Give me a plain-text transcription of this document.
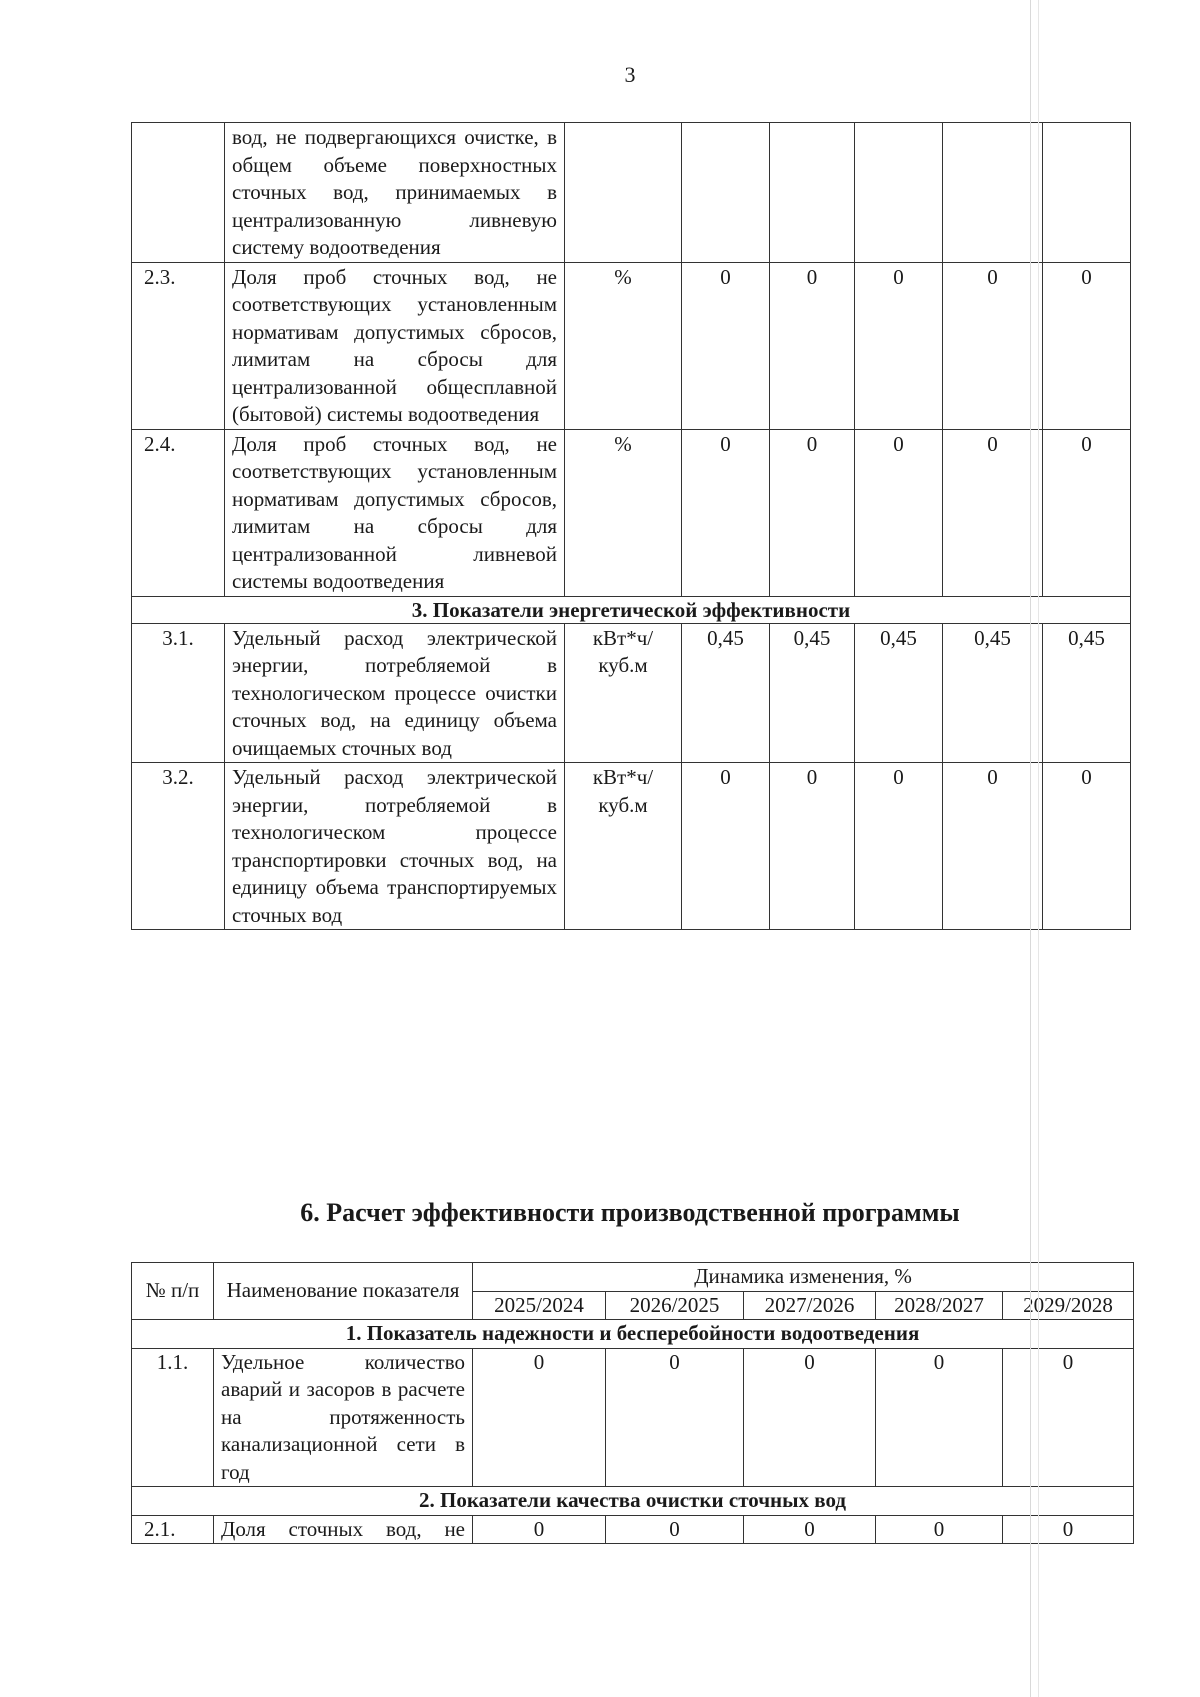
3
	вод, не подвергающихся очистке, в общем объеме поверхностных сточных вод, принимаемых в централизованную ливневую систему водоотведения						
2.3.	Доля проб сточных вод, не соответствующих установленным нормативам допустимых сбросов, лимитам на сбросы для централизованной общесплавной (бытовой) системы водоотведения	%	0	0	0	0	0
2.4.	Доля проб сточных вод, не соответствующих установленным нормативам допустимых сбросов, лимитам на сбросы для централизованной ливневой системы водоотведения	%	0	0	0	0	0
3. Показатели энергетической эффективности							
3.1.	Удельный расход электрической энергии, потребляемой в технологическом процессе очистки сточных вод, на единицу объема очищаемых сточных вод	кВт*ч/куб.м	0,45	0,45	0,45	0,45	0,45
3.2.	Удельный расход электрической энергии, потребляемой в технологическом процессе транспортировки сточных вод, на единицу объема транспортируемых сточных вод	кВт*ч/куб.м	0	0	0	0	0
6. Расчет эффективности производственной программы
№ п/п	Наименование показателя	Динамика изменения, %				
		2025/2024	2026/2025	2027/2026	2028/2027	2029/2028
1. Показатель надежности и бесперебойности водоотведения						
1.1.	Удельное количество аварий и засоров в расчете на протяженность канализационной сети в год	0	0	0	0	0
2. Показатели качества очистки сточных вод						
2.1.	Доля сточных вод, не	0	0	0	0	0
